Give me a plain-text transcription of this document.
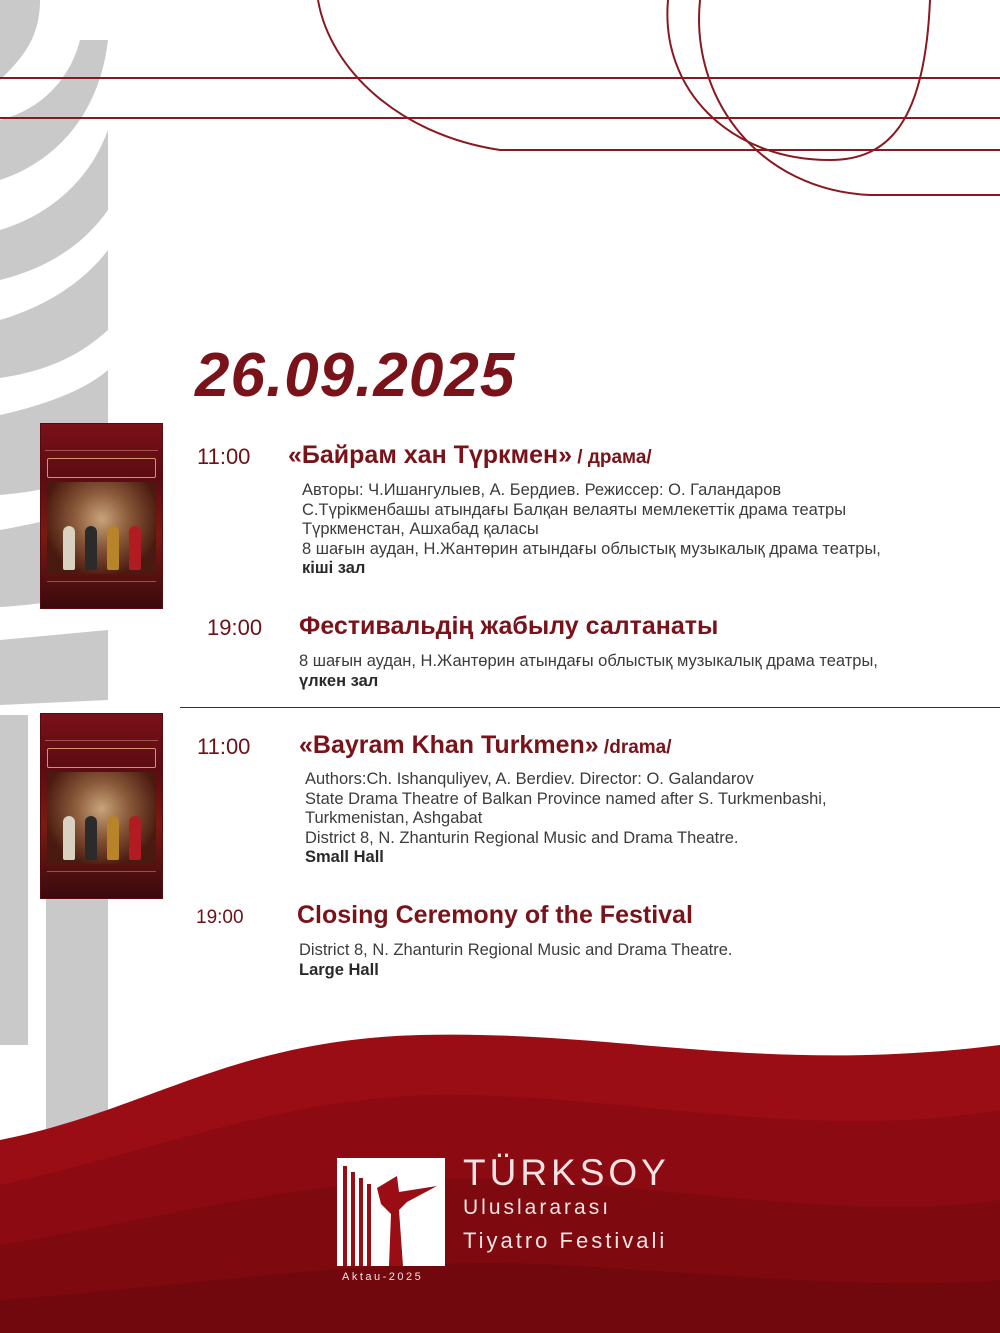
26.09.2025
11:00 «Байрам хан Түркмен» / драма/
Авторы: Ч.Ишангулыев, А. Бердиев. Режиссер: О. Галандаров
С.Түрікменбашы атындағы Балқан велаяты мемлекеттік драма театры
Түркменстан, Ашхабад қаласы
8 шағын аудан, Н.Жантөрин атындағы облыстық музыкалық драма театры,
кіші зал
19:00 Фестивальдің жабылу салтанаты
8 шағын аудан, Н.Жантөрин атындағы облыстық музыкалық драма театры,
үлкен зал
11:00 «Bayram Khan Turkmen» /drama/
Authors:Ch. Ishanquliyev, A. Berdiev. Director: O. Galandarov
State Drama Theatre of Balkan Province named after S. Turkmenbashi,
Turkmenistan, Ashgabat
District 8, N. Zhanturin Regional Music and Drama Theatre.
Small Hall
19:00 Closing Ceremony of the Festival
District 8, N. Zhanturin Regional Music and Drama Theatre.
Large Hall
TÜRKSOY
Uluslararası
Tiyatro Festivali
Aktau-2025
